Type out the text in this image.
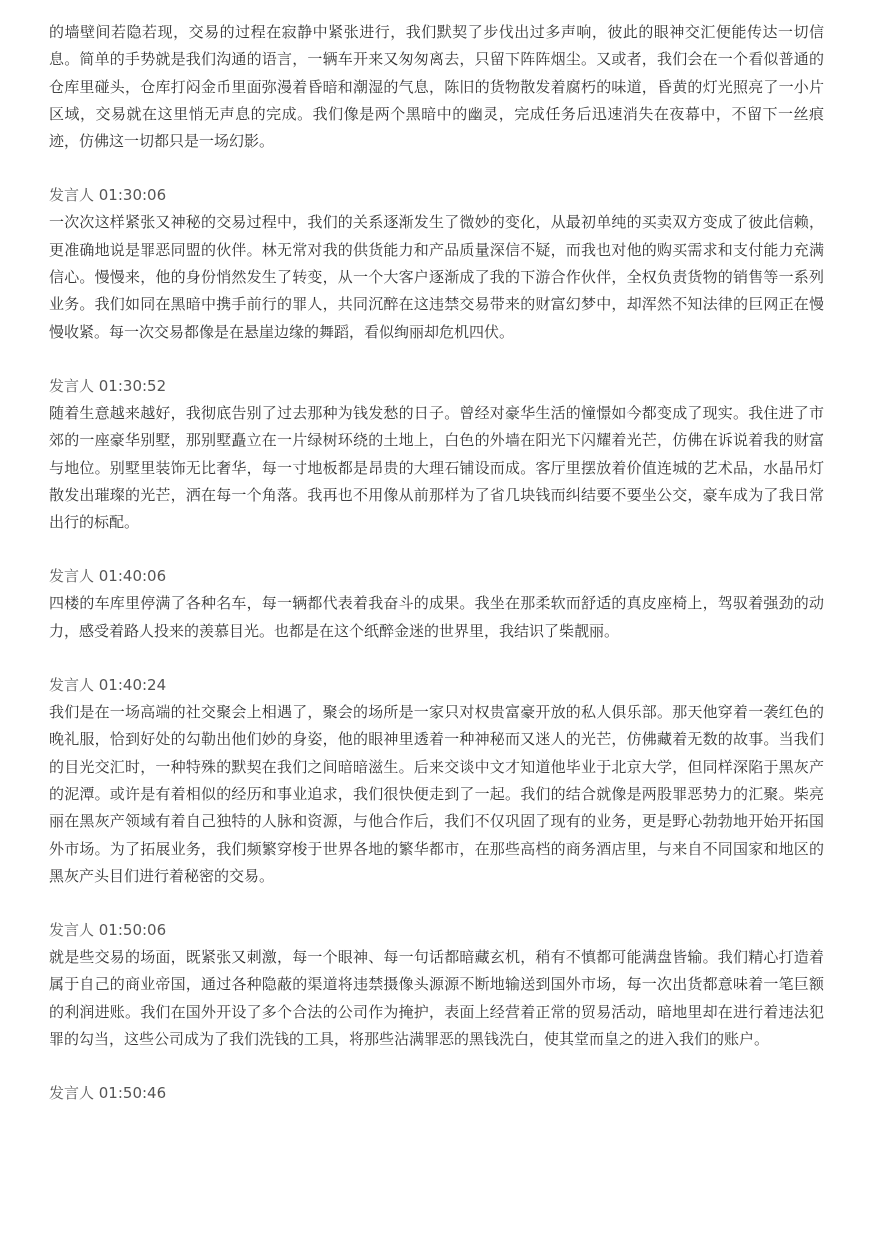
的墙壁间若隐若现，交易的过程在寂静中紧张进行，我们默契了步伐出过多声响，彼此的眼神交汇便能传达一切信息。简单的手势就是我们沟通的语言，一辆车开来又匆匆离去，只留下阵阵烟尘。又或者，我们会在一个看似普通的仓库里碰头，仓库打闷金币里面弥漫着昏暗和潮湿的气息，陈旧的货物散发着腐朽的味道，昏黄的灯光照亮了一小片区域，交易就在这里悄无声息的完成。我们像是两个黑暗中的幽灵，完成任务后迅速消失在夜幕中，不留下一丝痕迹，仿佛这一切都只是一场幻影。

发言人 01:30:06

一次次这样紧张又神秘的交易过程中，我们的关系逐渐发生了微妙的变化，从最初单纯的买卖双方变成了彼此信赖，更准确地说是罪恶同盟的伙伴。林无常对我的供货能力和产品质量深信不疑，而我也对他的购买需求和支付能力充满信心。慢慢来，他的身份悄然发生了转变，从一个大客户逐渐成了我的下游合作伙伴，全权负责货物的销售等一系列业务。我们如同在黑暗中携手前行的罪人，共同沉醉在这违禁交易带来的财富幻梦中，却浑然不知法律的巨网正在慢慢收紧。每一次交易都像是在悬崖边缘的舞蹈，看似绚丽却危机四伏。

发言人 01:30:52

随着生意越来越好，我彻底告别了过去那种为钱发愁的日子。曾经对豪华生活的憧憬如今都变成了现实。我住进了市郊的一座豪华别墅，那别墅矗立在一片绿树环绕的土地上，白色的外墙在阳光下闪耀着光芒，仿佛在诉说着我的财富与地位。别墅里装饰无比奢华，每一寸地板都是昂贵的大理石铺设而成。客厅里摆放着价值连城的艺术品，水晶吊灯散发出璀璨的光芒，洒在每一个角落。我再也不用像从前那样为了省几块钱而纠结要不要坐公交，豪车成为了我日常出行的标配。

发言人 01:40:06

四楼的车库里停满了各种名车，每一辆都代表着我奋斗的成果。我坐在那柔软而舒适的真皮座椅上，驾驭着强劲的动力，感受着路人投来的羡慕目光。也都是在这个纸醉金迷的世界里，我结识了柴靓丽。

发言人 01:40:24

我们是在一场高端的社交聚会上相遇了，聚会的场所是一家只对权贵富豪开放的私人俱乐部。那天他穿着一袭红色的晚礼服，恰到好处的勾勒出他们妙的身姿，他的眼神里透着一种神秘而又迷人的光芒，仿佛藏着无数的故事。当我们的目光交汇时，一种特殊的默契在我们之间暗暗滋生。后来交谈中文才知道他毕业于北京大学，但同样深陷于黑灰产的泥潭。或许是有着相似的经历和事业追求，我们很快便走到了一起。我们的结合就像是两股罪恶势力的汇聚。柴亮丽在黑灰产领域有着自己独特的人脉和资源，与他合作后，我们不仅巩固了现有的业务，更是野心勃勃地开始开拓国外市场。为了拓展业务，我们频繁穿梭于世界各地的繁华都市，在那些高档的商务酒店里，与来自不同国家和地区的黑灰产头目们进行着秘密的交易。

发言人 01:50:06

就是些交易的场面，既紧张又刺激，每一个眼神、每一句话都暗藏玄机，稍有不慎都可能满盘皆输。我们精心打造着属于自己的商业帝国，通过各种隐蔽的渠道将违禁摄像头源源不断地输送到国外市场，每一次出货都意味着一笔巨额的利润进账。我们在国外开设了多个合法的公司作为掩护，表面上经营着正常的贸易活动，暗地里却在进行着违法犯罪的勾当，这些公司成为了我们洗钱的工具，将那些沾满罪恶的黑钱洗白，使其堂而皇之的进入我们的账户。

发言人 01:50:46
